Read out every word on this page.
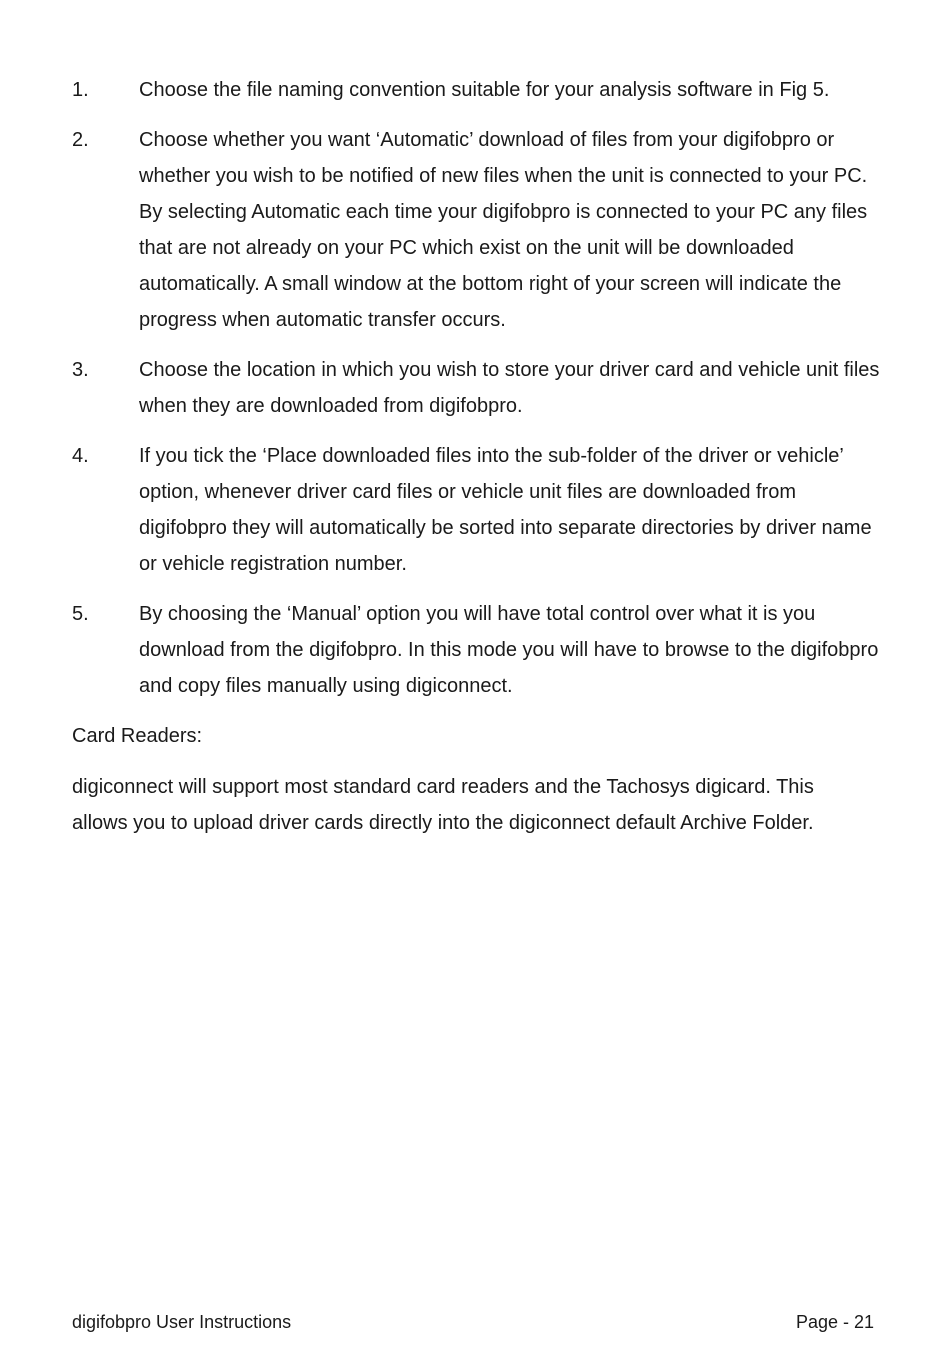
1.	Choose the file naming convention suitable for your analysis software in Fig 5.
2.	Choose whether you want ‘Automatic’ download of files from your digifobpro or whether you wish to be notified of new files when the unit is connected to your PC. By selecting Automatic each time your digifobpro is connected to your PC any files that are not already on your PC which exist on the unit will be downloaded automatically. A small window at the bottom right of your screen will indicate the progress when automatic transfer occurs.
3.	Choose the location in which you wish to store your driver card and vehicle unit files when they are downloaded from digifobpro.
4.	If you tick the ‘Place downloaded files into the sub-folder of the driver or vehicle’ option, whenever driver card files or vehicle unit files are downloaded from digifobpro they will automatically be sorted into separate directories by driver name or vehicle registration number.
5.	By choosing the ‘Manual’ option you will have total control over what it is you download from the digifobpro. In this mode you will have to browse to the digifobpro and copy files manually using digiconnect.
Card Readers:

digiconnect will support most standard card readers and the Tachosys digicard. This allows you to upload driver cards directly into the digiconnect default Archive Folder.

digifobpro User Instructions	Page - 21
